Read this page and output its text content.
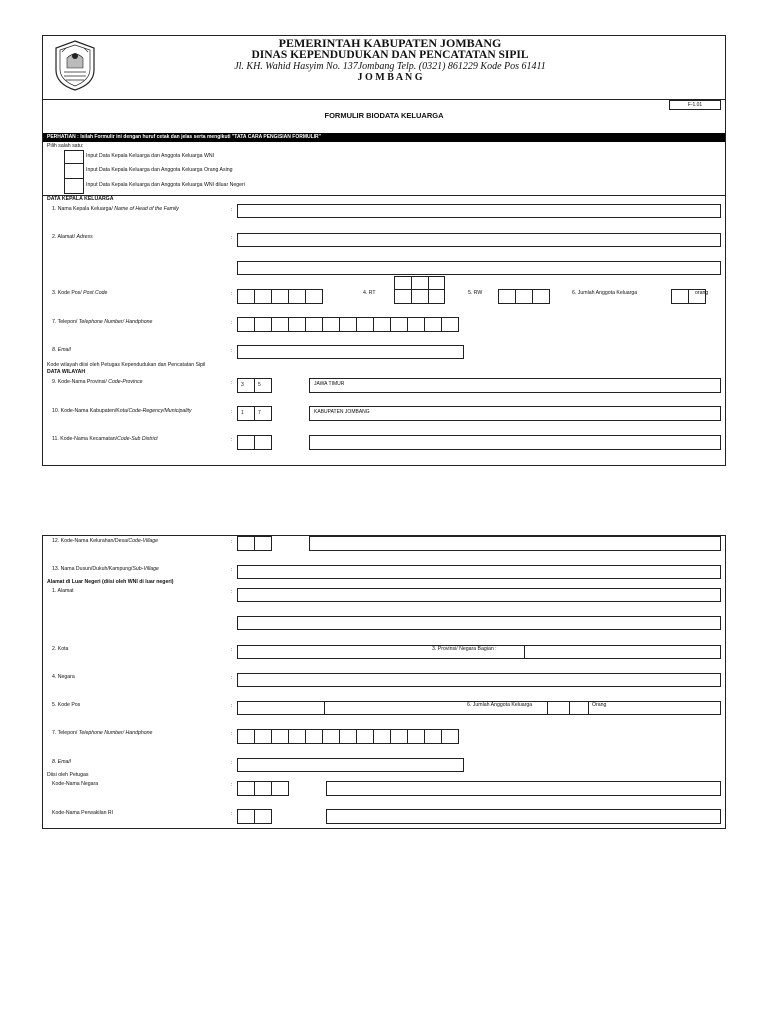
PEMERINTAH KABUPATEN JOMBANG
DINAS KEPENDUDUKAN DAN PENCATATAN SIPIL
Jl. KH. Wahid Hasyim No. 137Jombang Telp. (0321) 861229 Kode Pos 61411
J O M B A N G
F-1.01
FORMULIR BIODATA KELUARGA
PERHATIAN : Isilah Formulir ini dengan huruf cetak dan jelas serta mengikuti "TATA CARA PENGISIAN FORMULIR"
Pilih salah satu:
Input Data Kepala Keluarga dan Anggota Keluarga WNI
Input Data Kepala Keluarga dan Anggota Keluarga Orang Asing
Input Data Kepala Keluarga dan Anggota Keluarga WNI diluar Negeri
DATA KEPALA KELUARGA
1. Nama Kepala Keluarga/ Name of Head of the Family	:
2. Alamat/ Adress	:
3. Kode Pos/ Post Code	:	4. RT	5. RW	6. Jumlah Anggota Keluarga	orang
7. Telepon/ Telephone Number/ Handphone	:
8. Email	:
Kode wilayah diisi oleh Petugas Kependudukan dan Pencatatan Sipil
DATA WILAYAH
9. Kode-Nama Provinsi/ Code-Province	:	3	5	JAWA TIMUR
10. Kode-Nama Kabupaten/Kota/Code-Regency/Municipality	:	1	7	KABUPATEN JOMBANG
11. Kode-Nama Kecamatan/Code-Sub District	:
12. Kode-Nama Kelurahan/Desa/Code-Village	:
13. Nama Dusun/Dukuh/Kampung/Sub-Village	:
Alamat di Luar Negeri (diisi oleh WNI di luar negeri)
1. Alamat	:
2. Kota	:	3. Provinsi/ Negara Bagian :
4. Negara	:
5. Kode Pos	:	6. Jumlah Anggota Keluarga	Orang
7. Telepon/ Telephone Number/ Handphone	:
8. Email	:
Diisi oleh Petugas
Kode-Nama Negara	:
Kode-Nama Perwakilan RI	:
